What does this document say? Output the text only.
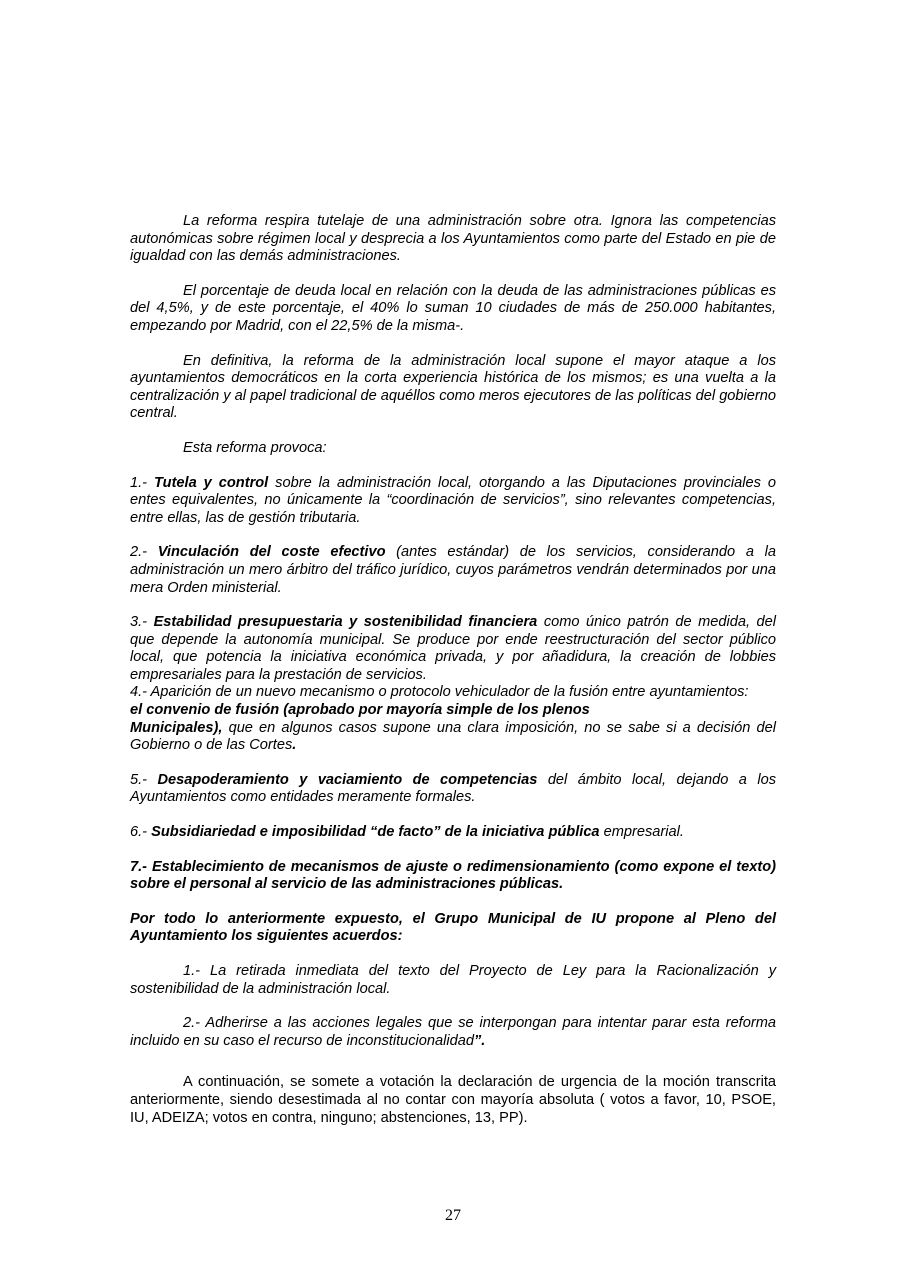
La reforma respira tutelaje de una administración sobre otra. Ignora las competencias autonómicas sobre régimen local y desprecia a los Ayuntamientos como parte del Estado en pie de igualdad con las demás administraciones.

El porcentaje de deuda local en relación con la deuda de las administraciones públicas es del 4,5%, y de este porcentaje, el 40% lo suman 10 ciudades de más de 250.000 habitantes, empezando por Madrid, con el 22,5% de la misma-.

En definitiva, la reforma de la administración local supone el mayor ataque a los ayuntamientos democráticos en la corta experiencia histórica de los mismos; es una vuelta a la centralización y al papel tradicional de aquéllos como meros ejecutores de las políticas del gobierno central.

Esta reforma provoca:

1.- Tutela y control sobre la administración local, otorgando a las Diputaciones provinciales o entes equivalentes, no únicamente la “coordinación de servicios”, sino relevantes competencias, entre ellas, las de gestión tributaria.

2.- Vinculación del coste efectivo (antes estándar) de los servicios, considerando a la administración un mero árbitro del tráfico jurídico, cuyos parámetros vendrán determinados por una mera Orden ministerial.

3.- Estabilidad presupuestaria y sostenibilidad financiera como único patrón de medida, del que depende la autonomía municipal. Se produce por ende reestructuración del sector público local, que potencia la iniciativa económica privada, y por añadidura, la creación de lobbies empresariales para la prestación de servicios.

4.- Aparición de un nuevo mecanismo o protocolo vehiculador de la fusión entre ayuntamientos:
el convenio de fusión (aprobado por mayoría simple de los plenos
Municipales), que en algunos casos supone una clara imposición, no se sabe si a decisión del Gobierno o de las Cortes.

5.- Desapoderamiento y vaciamiento de competencias del ámbito local, dejando a los Ayuntamientos como entidades meramente formales.

6.- Subsidiariedad e imposibilidad “de facto” de la iniciativa pública empresarial.

7.- Establecimiento de mecanismos de ajuste o redimensionamiento (como expone el texto) sobre el personal al servicio de las administraciones públicas.

Por todo lo anteriormente expuesto, el Grupo Municipal de IU propone al Pleno del Ayuntamiento los siguientes acuerdos:

1.- La retirada inmediata del texto del Proyecto de Ley para la Racionalización y sostenibilidad de la administración local.

2.- Adherirse a las acciones legales que se interpongan para intentar parar esta reforma incluido en su caso el recurso de inconstitucionalidad”.

A continuación, se somete a votación la declaración de urgencia de la moción transcrita anteriormente, siendo desestimada al no contar con mayoría absoluta ( votos a favor, 10, PSOE, IU, ADEIZA; votos en contra, ninguno; abstenciones, 13, PP).

27
